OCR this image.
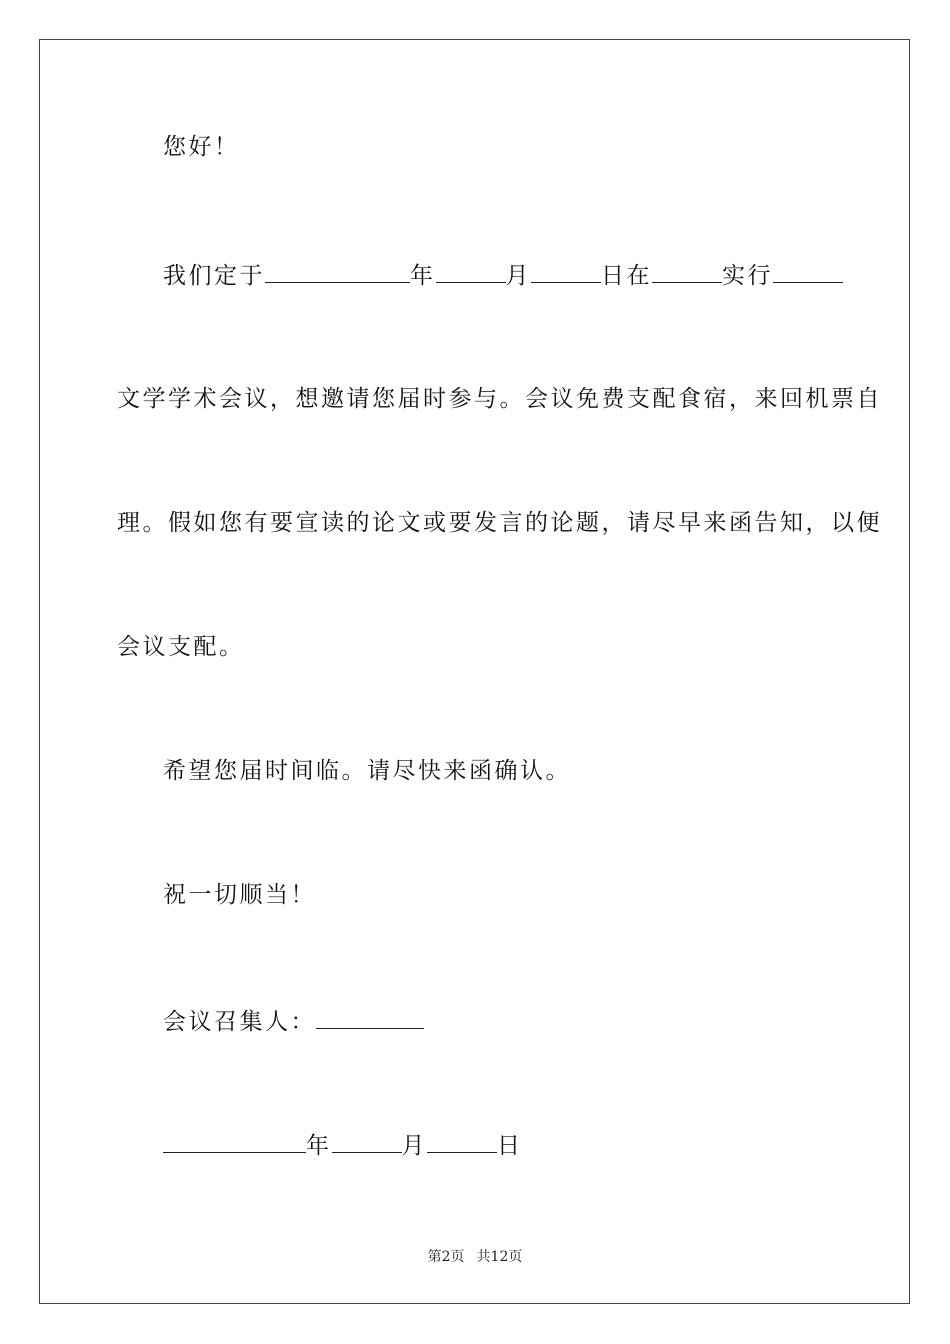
您好！
我们定于	年	月	日在	实行
文学学术会议，想邀请您届时参与。会议免费支配食宿，来回机票自
理。假如您有要宣读的论文或要发言的论题，请尽早来函告知，以便
会议支配。
希望您届时间临。请尽快来函确认。
祝一切顺当！
会议召集人：
年	月	日
第2页 共12页
